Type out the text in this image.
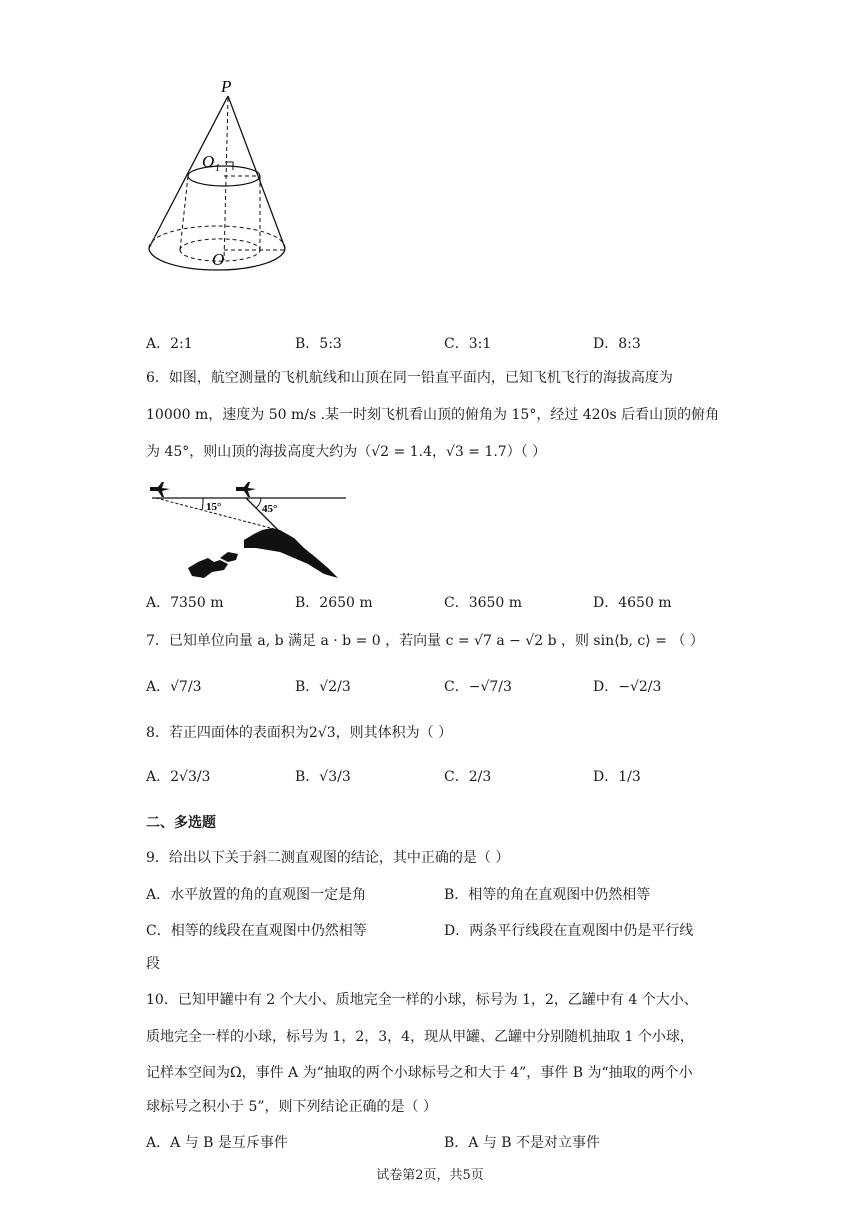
P
O 1
O
A．2:1	B．5:3	C．3:1	D．8:3
6．如图，航空测量的飞机航线和山顶在同一铅直平面内，已知飞机飞行的海拔高度为
10000 m，速度为 50 m/s .某一时刻飞机看山顶的俯角为 15°，经过 420s 后看山顶的俯角
为 45°，则山顶的海拔高度大约为（√2 = 1.4，√3 = 1.7）（ ）
15°	45°
A．7350 m	B．2650 m	C．3650 m	D．4650 m
7．已知单位向量 a, b 满足 a · b = 0 ，若向量 c = √7 a − √2 b ，则 sin⟨b, c⟩ = （ ）
A．√7/3	B．√2/3	C．−√7/3	D．−√2/3
8．若正四面体的表面积为2√3，则其体积为（ ）
A．2√3/3	B．√3/3	C．2/3	D．1/3
二、多选题
9．给出以下关于斜二测直观图的结论，其中正确的是（ ）
A．水平放置的角的直观图一定是角	B．相等的角在直观图中仍然相等
C．相等的线段在直观图中仍然相等	D．两条平行线段在直观图中仍是平行线
段
10．已知甲罐中有 2 个大小、质地完全一样的小球，标号为 1，2，乙罐中有 4 个大小、
质地完全一样的小球，标号为 1，2，3，4，现从甲罐、乙罐中分别随机抽取 1 个小球，
记样本空间为Ω，事件 A 为“抽取的两个小球标号之和大于 4”，事件 B 为“抽取的两个小
球标号之积小于 5”，则下列结论正确的是（ ）
A．A 与 B 是互斥事件	B．A 与 B 不是对立事件
试卷第2页，共5页
